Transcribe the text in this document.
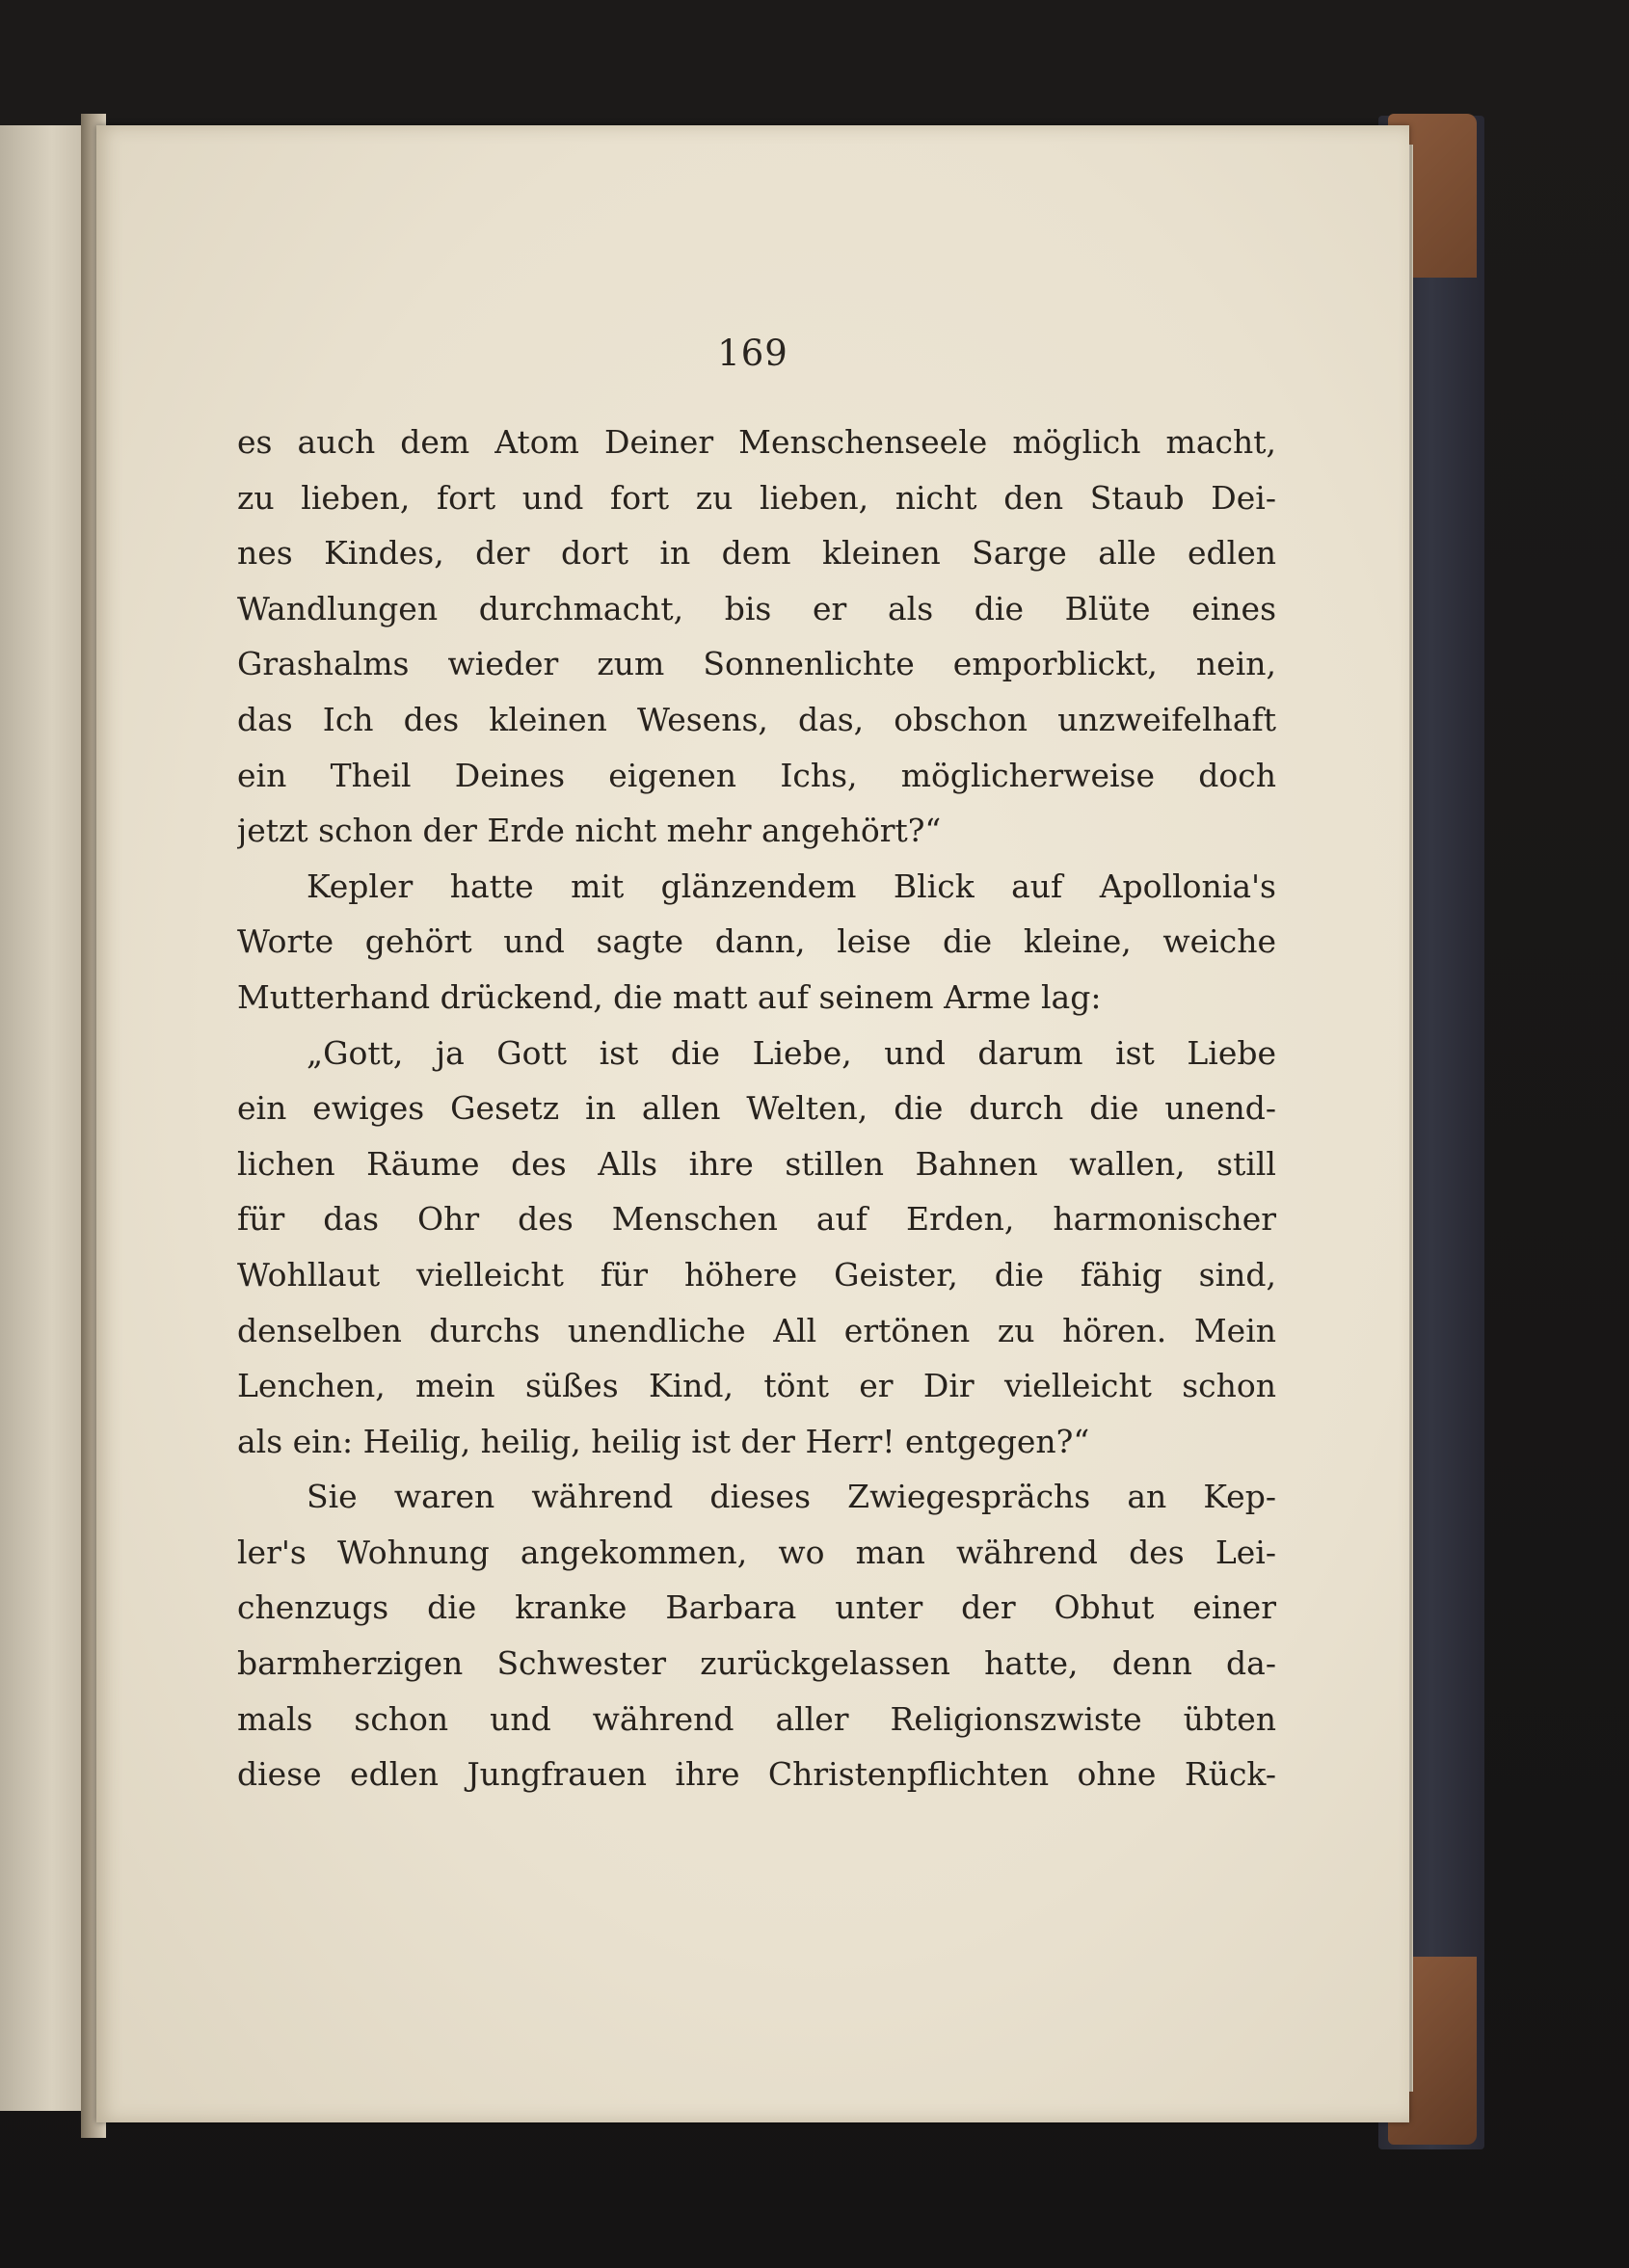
169
es auch dem Atom Deiner Menschenseele möglich macht,
zu lieben, fort und fort zu lieben, nicht den Staub Dei-
nes Kindes, der dort in dem kleinen Sarge alle edlen
Wandlungen durchmacht, bis er als die Blüte eines
Grashalms wieder zum Sonnenlichte emporblickt, nein,
das Ich des kleinen Wesens, das, obschon unzweifelhaft
ein Theil Deines eigenen Ichs, möglicherweise doch
jetzt schon der Erde nicht mehr angehört?“
Kepler hatte mit glänzendem Blick auf Apollonia's
Worte gehört und sagte dann, leise die kleine, weiche
Mutterhand drückend, die matt auf seinem Arme lag:
„Gott, ja Gott ist die Liebe, und darum ist Liebe
ein ewiges Gesetz in allen Welten, die durch die unend-
lichen Räume des Alls ihre stillen Bahnen wallen, still
für das Ohr des Menschen auf Erden, harmonischer
Wohllaut vielleicht für höhere Geister, die fähig sind,
denselben durchs unendliche All ertönen zu hören. Mein
Lenchen, mein süßes Kind, tönt er Dir vielleicht schon
als ein: Heilig, heilig, heilig ist der Herr! entgegen?“
Sie waren während dieses Zwiegesprächs an Kep-
ler's Wohnung angekommen, wo man während des Lei-
chenzugs die kranke Barbara unter der Obhut einer
barmherzigen Schwester zurückgelassen hatte, denn da-
mals schon und während aller Religionszwiste übten
diese edlen Jungfrauen ihre Christenpflichten ohne Rück-
